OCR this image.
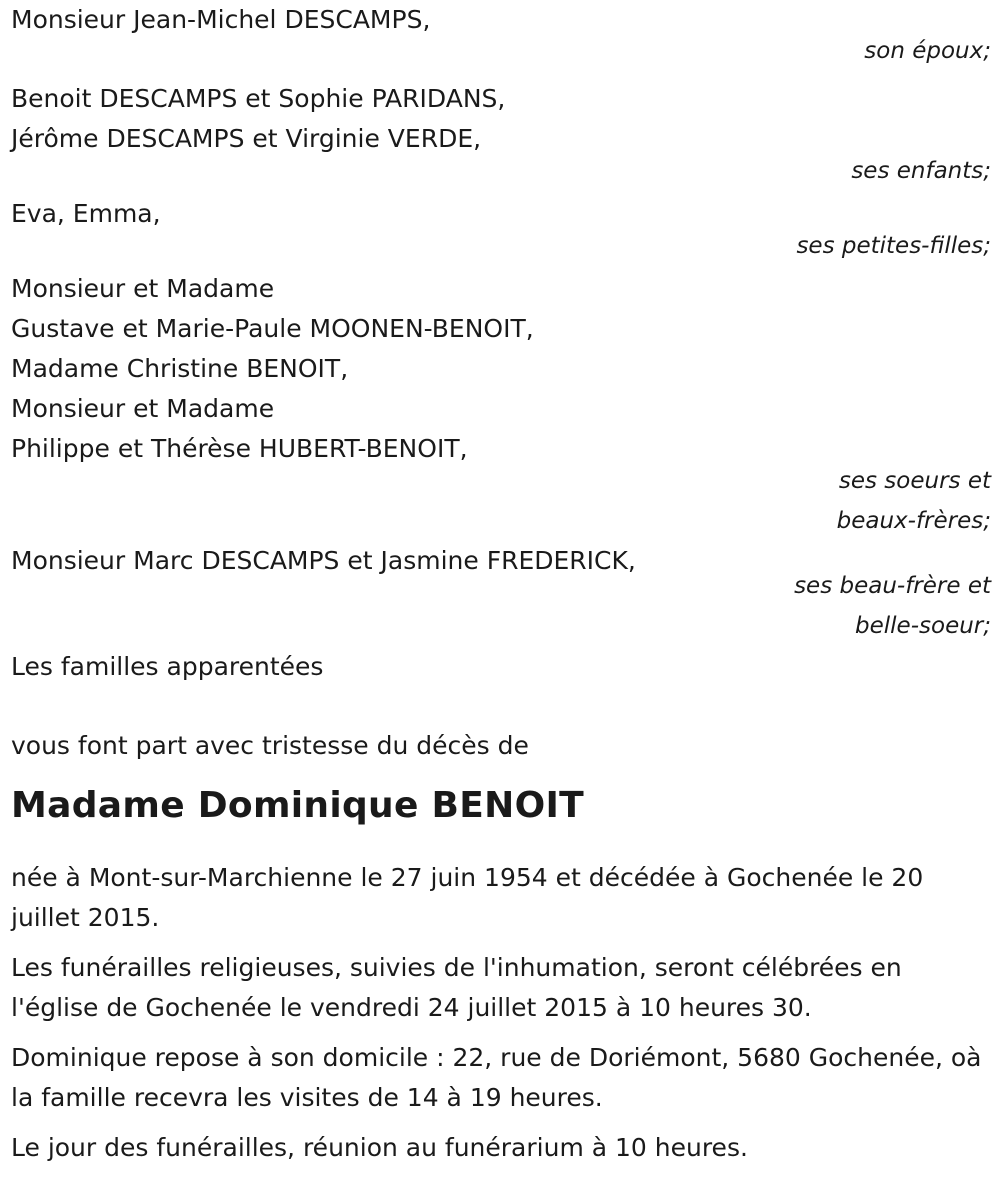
Monsieur Jean-Michel DESCAMPS,
son époux;
Benoit DESCAMPS et Sophie PARIDANS,
Jérôme DESCAMPS et Virginie VERDE,
ses enfants;
Eva, Emma,
ses petites-filles;
Monsieur et Madame
Gustave et Marie-Paule MOONEN-BENOIT,
Madame Christine BENOIT,
Monsieur et Madame
Philippe et Thérèse HUBERT-BENOIT,
ses soeurs et
beaux-frères;
Monsieur Marc DESCAMPS et Jasmine FREDERICK,
ses beau-frère et
belle-soeur;
Les familles apparentées
vous font part avec tristesse du décès de
Madame Dominique BENOIT

née à Mont-sur-Marchienne le 27 juin 1954 et décédée à Gochenée le 20 juillet 2015.

Les funérailles religieuses, suivies de l'inhumation, seront célébrées en l'église de Gochenée le vendredi 24 juillet 2015 à 10 heures 30.

Dominique repose à son domicile : 22, rue de Doriémont, 5680 Gochenée, oà la famille recevra les visites de 14 à 19 heures.

Le jour des funérailles, réunion au funérarium à 10 heures.
